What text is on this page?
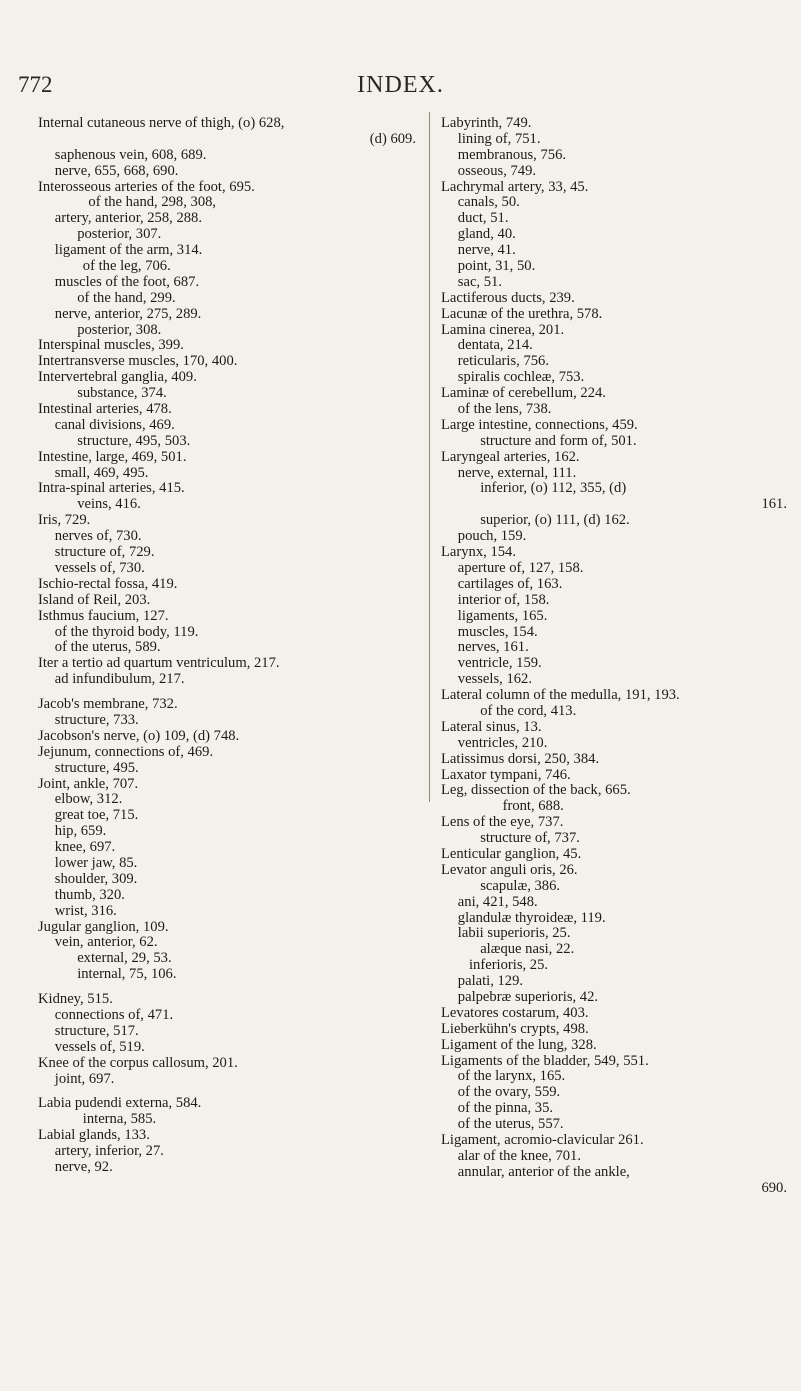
772	INDEX.
Internal cutaneous nerve of thigh, (o) 628,
(d) 609.
saphenous vein, 608, 689.
nerve, 655, 668, 690.
Interosseous arteries of the foot, 695.
of the hand, 298, 308,
artery, anterior, 258, 288.
posterior, 307.
ligament of the arm, 314.
of the leg, 706.
muscles of the foot, 687.
of the hand, 299.
nerve, anterior, 275, 289.
posterior, 308.
Interspinal muscles, 399.
Intertransverse muscles, 170, 400.
Intervertebral ganglia, 409.
substance, 374.
Intestinal arteries, 478.
canal divisions, 469.
structure, 495, 503.
Intestine, large, 469, 501.
small, 469, 495.
Intra-spinal arteries, 415.
veins, 416.
Iris, 729.
nerves of, 730.
structure of, 729.
vessels of, 730.
Ischio-rectal fossa, 419.
Island of Reil, 203.
Isthmus faucium, 127.
of the thyroid body, 119.
of the uterus, 589.
Iter a tertio ad quartum ventriculum, 217.
ad infundibulum, 217.
Jacob's membrane, 732.
structure, 733.
Jacobson's nerve, (o) 109, (d) 748.
Jejunum, connections of, 469.
structure, 495.
Joint, ankle, 707.
elbow, 312.
great toe, 715.
hip, 659.
knee, 697.
lower jaw, 85.
shoulder, 309.
thumb, 320.
wrist, 316.
Jugular ganglion, 109.
vein, anterior, 62.
external, 29, 53.
internal, 75, 106.
Kidney, 515.
connections of, 471.
structure, 517.
vessels of, 519.
Knee of the corpus callosum, 201.
joint, 697.
Labia pudendi externa, 584.
interna, 585.
Labial glands, 133.
artery, inferior, 27.
nerve, 92.
Labyrinth, 749.
lining of, 751.
membranous, 756.
osseous, 749.
Lachrymal artery, 33, 45.
canals, 50.
duct, 51.
gland, 40.
nerve, 41.
point, 31, 50.
sac, 51.
Lactiferous ducts, 239.
Lacunæ of the urethra, 578.
Lamina cinerea, 201.
dentata, 214.
reticularis, 756.
spiralis cochleæ, 753.
Laminæ of cerebellum, 224.
of the lens, 738.
Large intestine, connections, 459.
structure and form of, 501.
Laryngeal arteries, 162.
nerve, external, 111.
inferior, (o) 112, 355, (d)
161.
superior, (o) 111, (d) 162.
pouch, 159.
Larynx, 154.
aperture of, 127, 158.
cartilages of, 163.
interior of, 158.
ligaments, 165.
muscles, 154.
nerves, 161.
ventricle, 159.
vessels, 162.
Lateral column of the medulla, 191, 193.
of the cord, 413.
Lateral sinus, 13.
ventricles, 210.
Latissimus dorsi, 250, 384.
Laxator tympani, 746.
Leg, dissection of the back, 665.
front, 688.
Lens of the eye, 737.
structure of, 737.
Lenticular ganglion, 45.
Levator anguli oris, 26.
scapulæ, 386.
ani, 421, 548.
glandulæ thyroideæ, 119.
labii superioris, 25.
alæque nasi, 22.
inferioris, 25.
palati, 129.
palpebræ superioris, 42.
Levatores costarum, 403.
Lieberkühn's crypts, 498.
Ligament of the lung, 328.
Ligaments of the bladder, 549, 551.
of the larynx, 165.
of the ovary, 559.
of the pinna, 35.
of the uterus, 557.
Ligament, acromio-clavicular 261.
alar of the knee, 701.
annular, anterior of the ankle,
690.
